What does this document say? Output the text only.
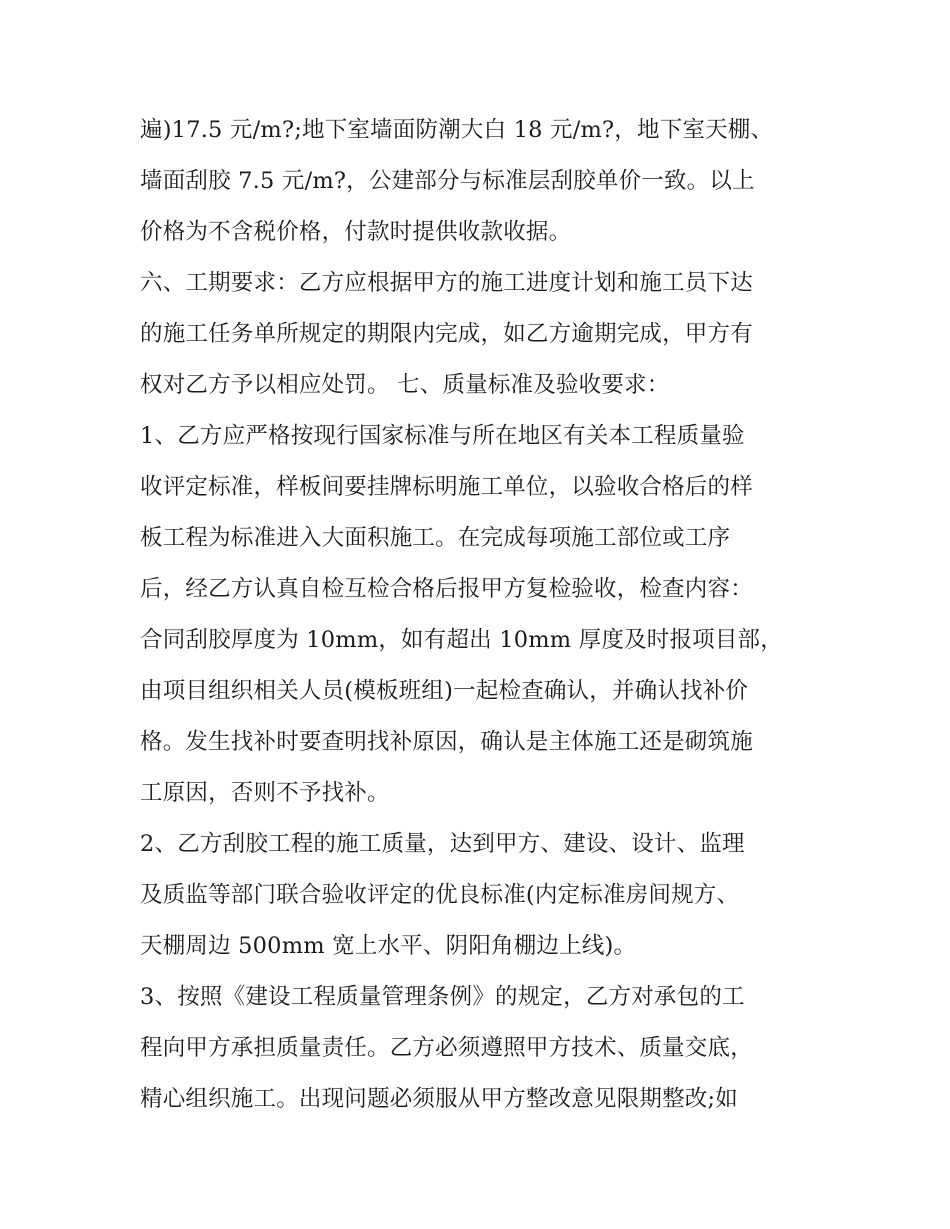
遍)17.5 元/m?;地下室墙面防潮大白 18 元/m?，地下室天棚、
墙面刮胶 7.5 元/m?，公建部分与标准层刮胶单价一致。以上
价格为不含税价格，付款时提供收款收据。
六、工期要求：乙方应根据甲方的施工进度计划和施工员下达
的施工任务单所规定的期限内完成，如乙方逾期完成，甲方有
权对乙方予以相应处罚。 七、质量标准及验收要求：
1、乙方应严格按现行国家标准与所在地区有关本工程质量验
收评定标准，样板间要挂牌标明施工单位，以验收合格后的样
板工程为标准进入大面积施工。在完成每项施工部位或工序
后，经乙方认真自检互检合格后报甲方复检验收，检查内容：
合同刮胶厚度为 10mm，如有超出 10mm 厚度及时报项目部，
由项目组织相关人员(模板班组)一起检查确认，并确认找补价
格。发生找补时要查明找补原因，确认是主体施工还是砌筑施
工原因，否则不予找补。
2、乙方刮胶工程的施工质量，达到甲方、建设、设计、监理
及质监等部门联合验收评定的优良标准(内定标准房间规方、
天棚周边 500mm 宽上水平、阴阳角棚边上线)。
3、按照《建设工程质量管理条例》的规定，乙方对承包的工
程向甲方承担质量责任。乙方必须遵照甲方技术、质量交底，
精心组织施工。出现问题必须服从甲方整改意见限期整改;如
